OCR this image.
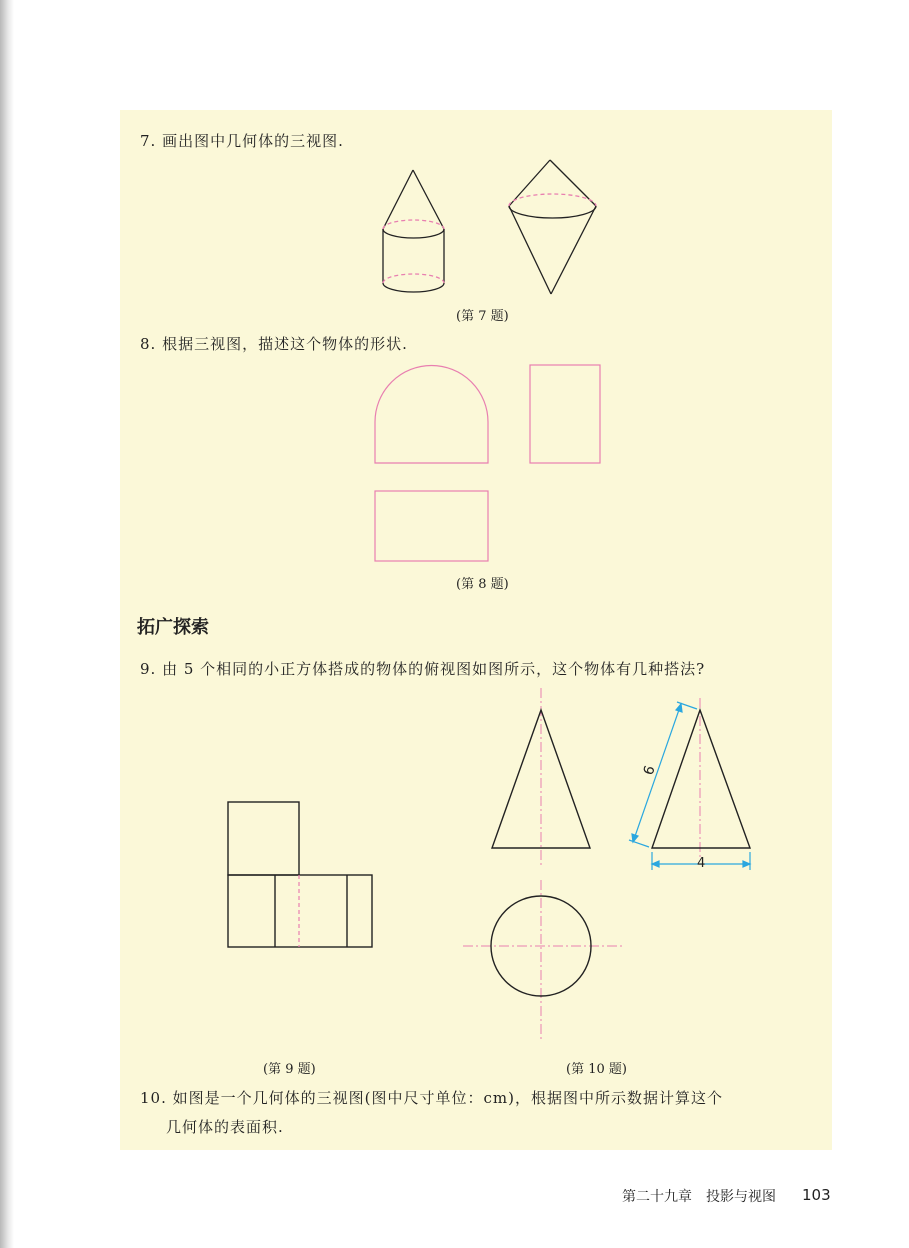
7. 画出图中几何体的三视图.
(第 7 题)
8. 根据三视图，描述这个物体的形状.
(第 8 题)
拓广探索
9. 由 5 个相同的小正方体搭成的物体的俯视图如图所示，这个物体有几种搭法?
(第 9 题)
6
4
(第 10 题)
10. 如图是一个几何体的三视图(图中尺寸单位：cm)，根据图中所示数据计算这个
几何体的表面积.
第二十九章　投影与视图 103
